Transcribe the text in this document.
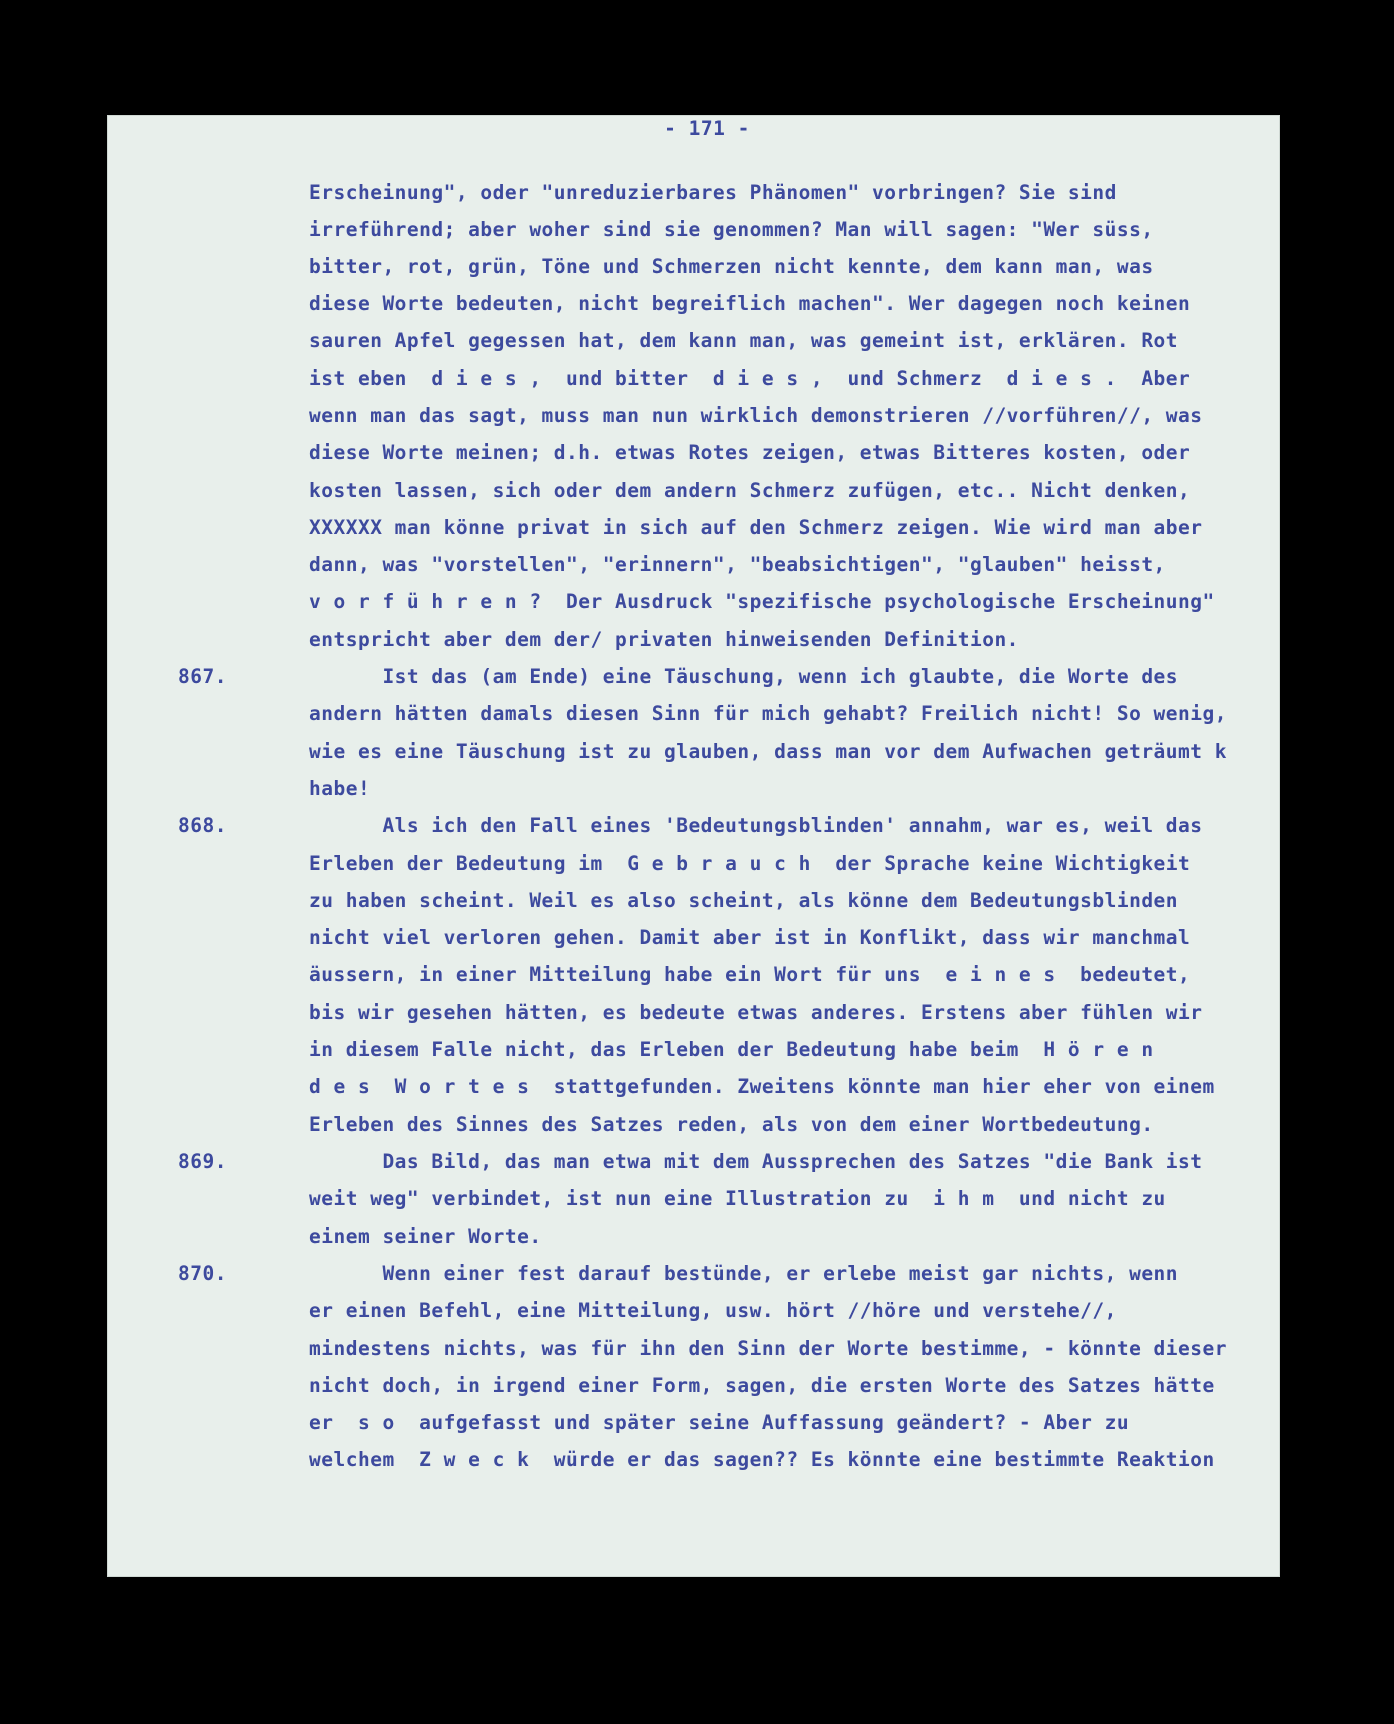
- 171 -
Erscheinung", oder "unreduzierbares Phänomen" vorbringen? Sie sind
irreführend; aber woher sind sie genommen? Man will sagen: "Wer süss,
bitter, rot, grün, Töne und Schmerzen nicht kennte, dem kann man, was
diese Worte bedeuten, nicht begreiflich machen". Wer dagegen noch keinen
sauren Apfel gegessen hat, dem kann man, was gemeint ist, erklären. Rot
ist eben  d i e s ,  und bitter  d i e s ,  und Schmerz  d i e s .  Aber
wenn man das sagt, muss man nun wirklich demonstrieren //vorführen//, was
diese Worte meinen; d.h. etwas Rotes zeigen, etwas Bitteres kosten, oder
kosten lassen, sich oder dem andern Schmerz zufügen, etc.. Nicht denken,
XXXXXX man könne privat in sich auf den Schmerz zeigen. Wie wird man aber
dann, was "vorstellen", "erinnern", "beabsichtigen", "glauben" heisst,
v o r f ü h r e n ?  Der Ausdruck "spezifische psychologische Erscheinung"
entspricht aber dem der/ privaten hinweisenden Definition.
867.	Ist das (am Ende) eine Täuschung, wenn ich glaubte, die Worte des
andern hätten damals diesen Sinn für mich gehabt? Freilich nicht! So wenig,
wie es eine Täuschung ist zu glauben, dass man vor dem Aufwachen geträumt k
habe!
868.	Als ich den Fall eines 'Bedeutungsblinden' annahm, war es, weil das
Erleben der Bedeutung im  G e b r a u c h  der Sprache keine Wichtigkeit
zu haben scheint. Weil es also scheint, als könne dem Bedeutungsblinden
nicht viel verloren gehen. Damit aber ist in Konflikt, dass wir manchmal
äussern, in einer Mitteilung habe ein Wort für uns  e i n e s  bedeutet,
bis wir gesehen hätten, es bedeute etwas anderes. Erstens aber fühlen wir
in diesem Falle nicht, das Erleben der Bedeutung habe beim  H ö r e n
d e s  W o r t e s  stattgefunden. Zweitens könnte man hier eher von einem
Erleben des Sinnes des Satzes reden, als von dem einer Wortbedeutung.
869.	Das Bild, das man etwa mit dem Aussprechen des Satzes "die Bank ist
weit weg" verbindet, ist nun eine Illustration zu  i h m  und nicht zu
einem seiner Worte.
870.	Wenn einer fest darauf bestünde, er erlebe meist gar nichts, wenn
er einen Befehl, eine Mitteilung, usw. hört //höre und verstehe//,
mindestens nichts, was für ihn den Sinn der Worte bestimme, - könnte dieser
nicht doch, in irgend einer Form, sagen, die ersten Worte des Satzes hätte
er  s o  aufgefasst und später seine Auffassung geändert? - Aber zu
welchem  Z w e c k  würde er das sagen?? Es könnte eine bestimmte Reaktion
